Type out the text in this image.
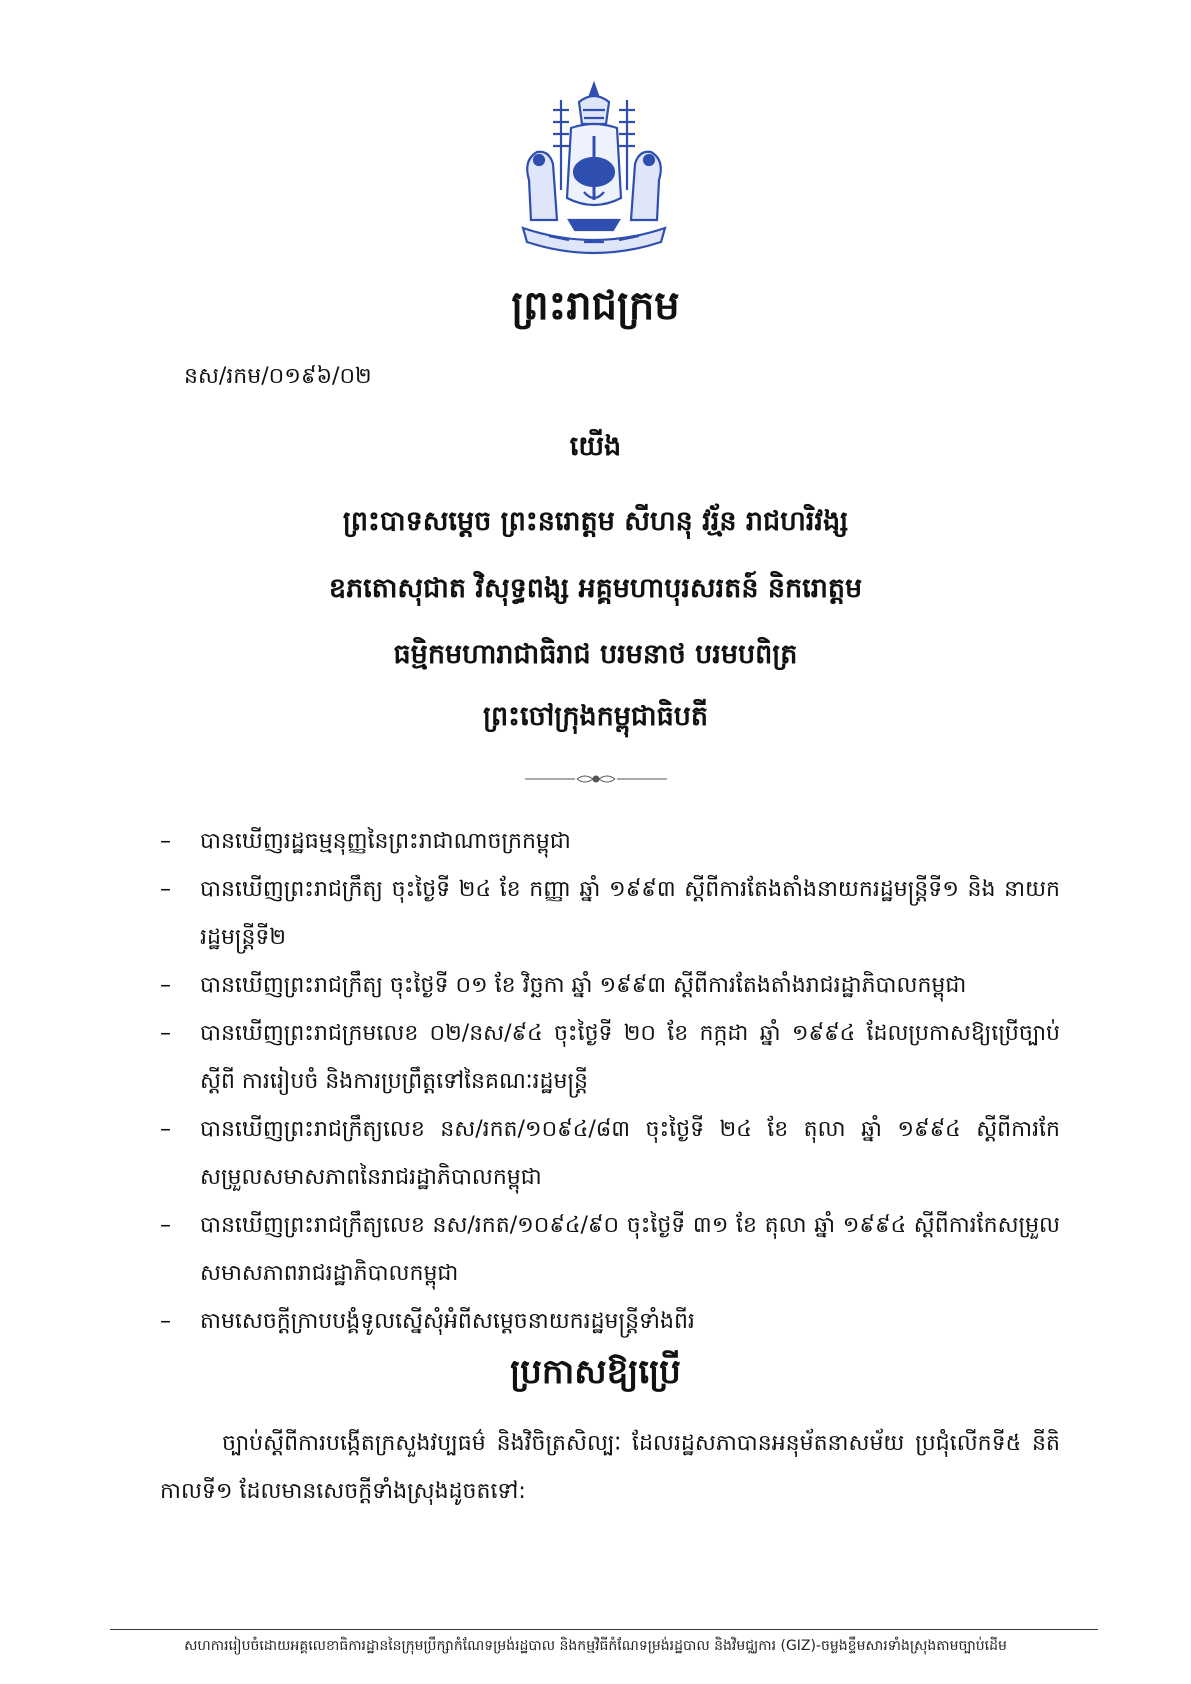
ព្រះរាជក្រម
នស/រកម/០១៩៦/០២
យើង
ព្រះបាទសម្តេច ព្រះនរោត្តម សីហនុ វរ្ម័ន រាជហរិវង្ស
ឧភតោសុជាត វិសុទ្ធពង្ស អគ្គមហាបុរសរតន៍ និករោត្តម
ធម្មិកមហារាជាធិរាជ បរមនាថ បរមបពិត្រ
ព្រះចៅក្រុងកម្ពុជាធិបតី
– បានឃើញរដ្ឋធម្មនុញ្ញនៃព្រះរាជាណាចក្រកម្ពុជា
– បានឃើញព្រះរាជក្រឹត្យ ចុះថ្ងៃទី ២៤ ខែ កញ្ញា ឆ្នាំ ១៩៩៣ ស្តីពីការតែងតាំងនាយករដ្ឋមន្ត្រីទី១ និង នាយករដ្ឋមន្ត្រីទី២
– បានឃើញព្រះរាជក្រឹត្យ ចុះថ្ងៃទី ០១ ខែ វិច្ឆកា ឆ្នាំ ១៩៩៣ ស្តីពីការតែងតាំងរាជរដ្ឋាភិបាលកម្ពុជា
– បានឃើញព្រះរាជក្រមលេខ ០២/នស/៩៤ ចុះថ្ងៃទី ២០ ខែ កក្កដា ឆ្នាំ ១៩៩៤ ដែលប្រកាសឱ្យប្រើច្បាប់ស្តីពី ការរៀបចំ និងការប្រព្រឹត្តទៅនៃគណៈរដ្ឋមន្ត្រី
– បានឃើញព្រះរាជក្រឹត្យលេខ នស/រកត/១០៩៤/៨៣ ចុះថ្ងៃទី ២៤ ខែ តុលា ឆ្នាំ ១៩៩៤ ស្តីពីការកែ សម្រួលសមាសភាពនៃរាជរដ្ឋាភិបាលកម្ពុជា
– បានឃើញព្រះរាជក្រឹត្យលេខ នស/រកត/១០៩៤/៩០ ចុះថ្ងៃទី ៣១ ខែ តុលា ឆ្នាំ ១៩៩៤ ស្តីពីការកែសម្រួល សមាសភាពរាជរដ្ឋាភិបាលកម្ពុជា
– តាមសេចក្តីក្រាបបង្គំទូលស្នើសុំអំពីសម្តេចនាយករដ្ឋមន្ត្រីទាំងពីរ
ប្រកាសឱ្យប្រើ

ច្បាប់ស្តីពីការបង្កើតក្រសួងវប្បធម៌ និងវិចិត្រសិល្បៈ ដែលរដ្ឋសភាបានអនុម័តនាសម័យ ប្រជុំលើកទី៥ នីតិកាលទី១ ដែលមានសេចក្តីទាំងស្រុងដូចតទៅ:

សហការរៀបចំដោយអគ្គលេខាធិការដ្ឋាននៃក្រុមប្រឹក្សាកំណែទម្រង់រដ្ឋបាល និងកម្មវិធីកំណែទម្រង់រដ្ឋបាល និងវិមជ្ឈការ (GIZ)-ចម្លងខ្ទឹមសារទាំងស្រុងតាមច្បាប់ដើម
